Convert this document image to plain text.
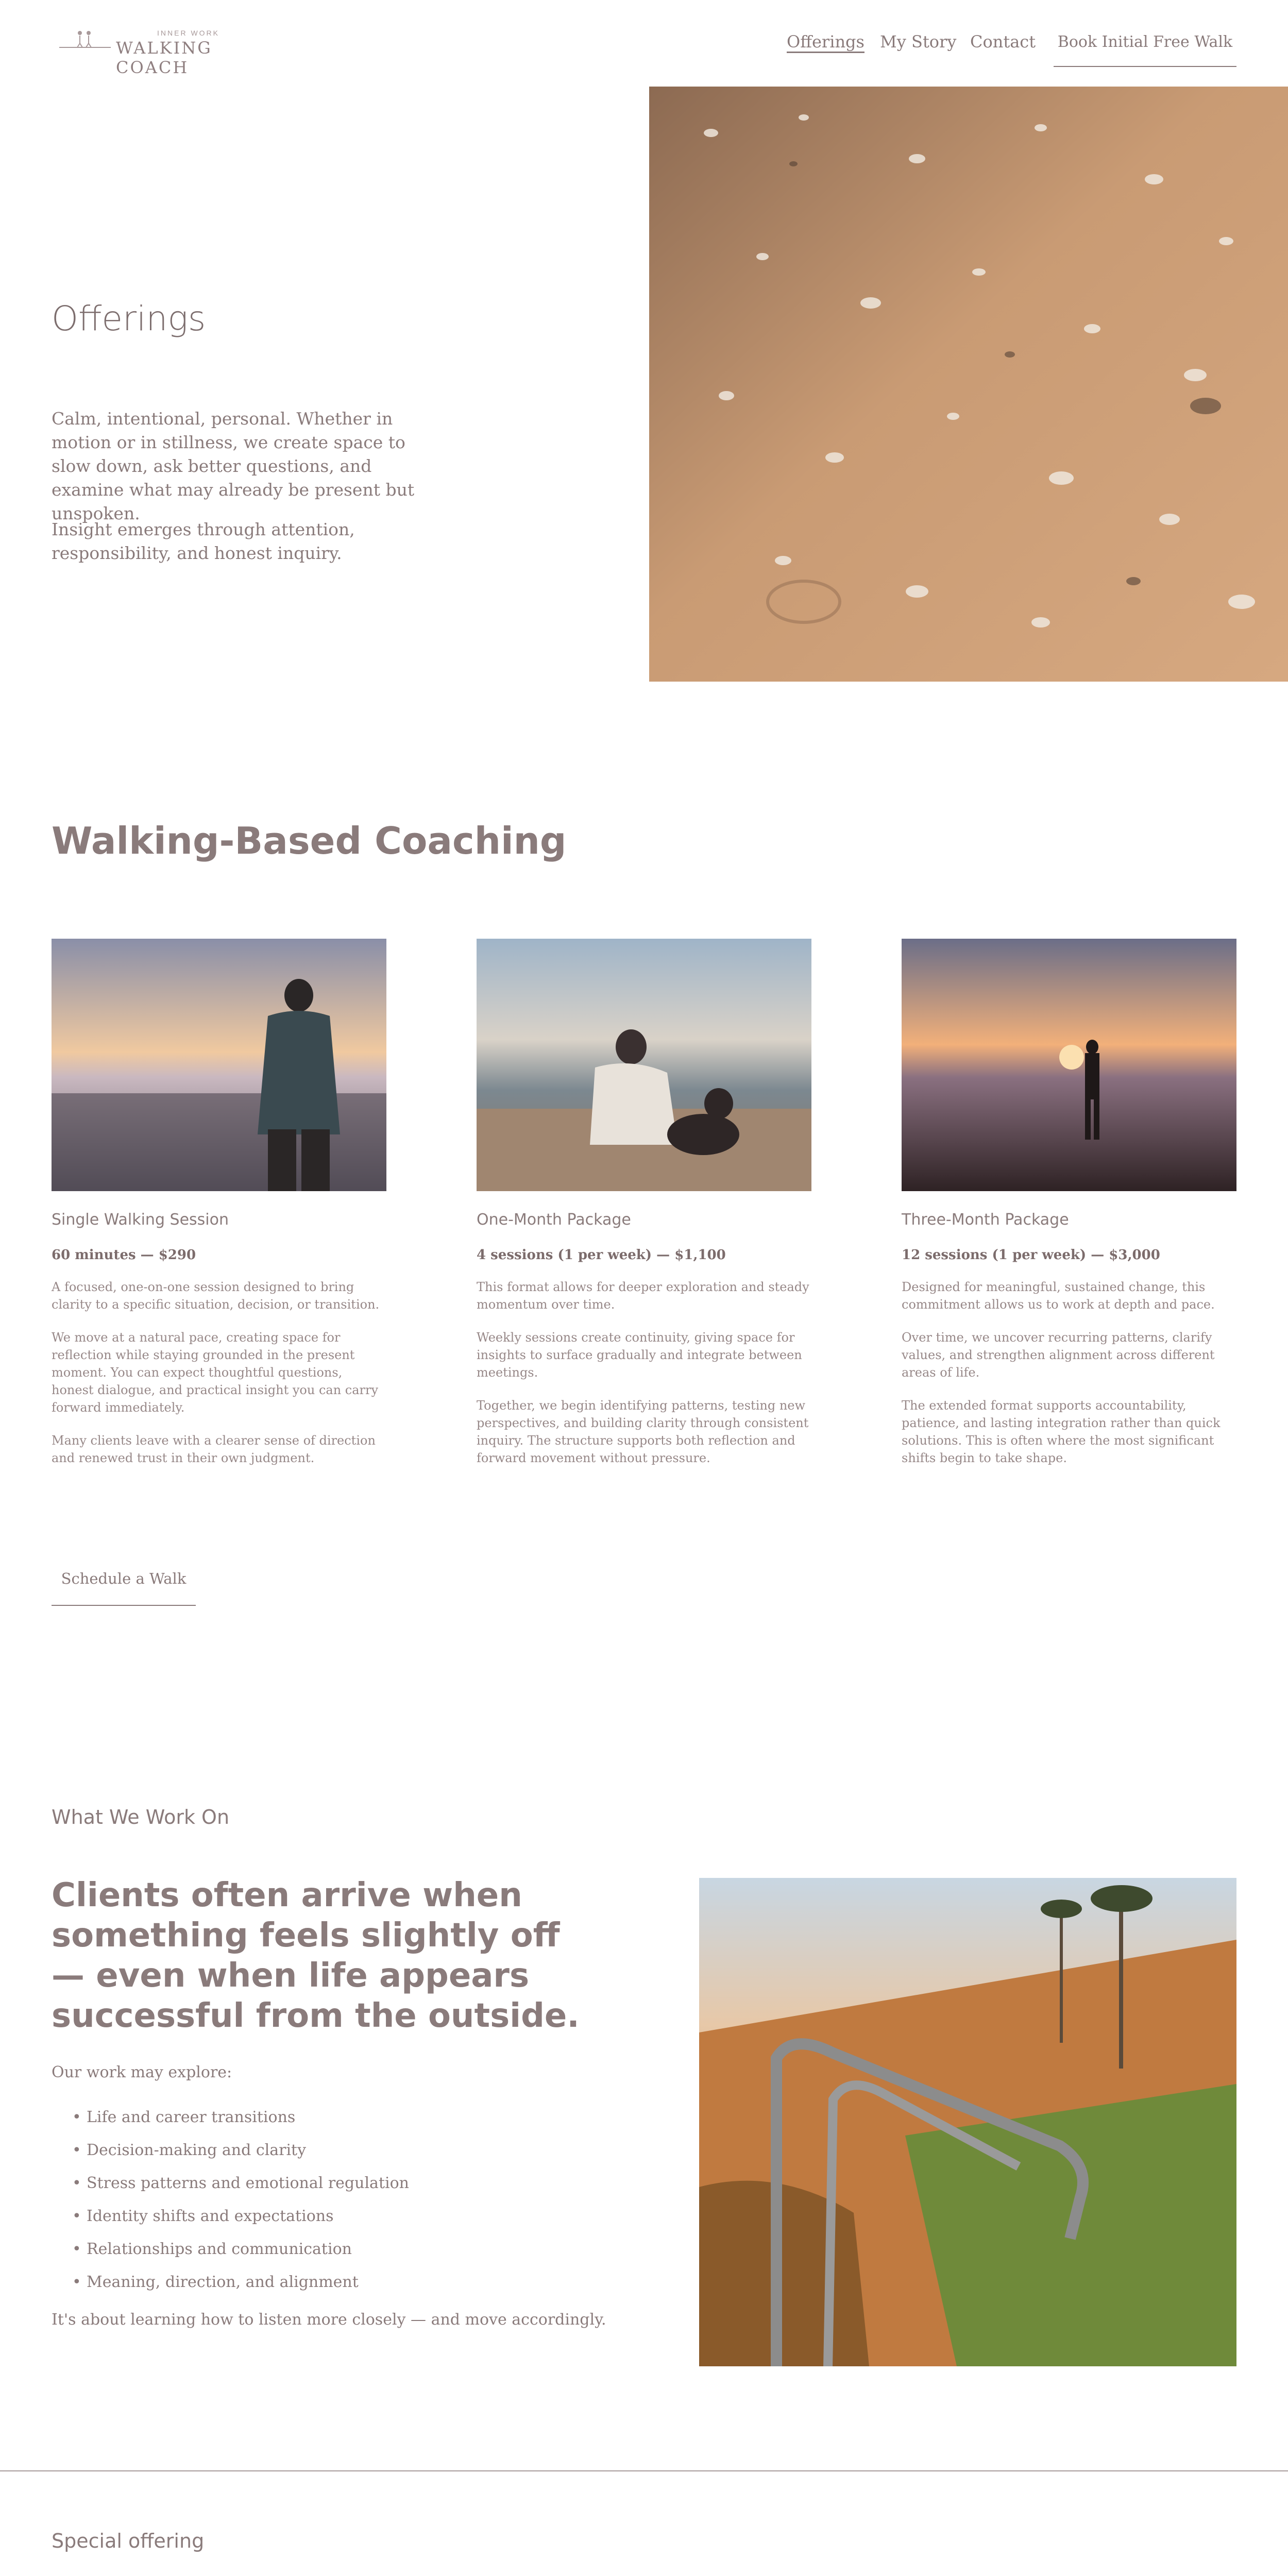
INNER WORK
WALKING COACH
Offerings My Story Contact Book Initial Free Walk
Offerings

Calm, intentional, personal. Whether in motion or in stillness, we create space to slow down, ask better questions, and examine what may already be present but unspoken.

Insight emerges through attention, responsibility, and honest inquiry.

Walking-Based Coaching
Single Walking Session
60 minutes — $290

A focused, one-on-one session designed to bring clarity to a specific situation, decision, or transition.

We move at a natural pace, creating space for reflection while staying grounded in the present moment. You can expect thoughtful questions, honest dialogue, and practical insight you can carry forward immediately.

Many clients leave with a clearer sense of direction and renewed trust in their own judgment.

One-Month Package
4 sessions (1 per week) — $1,100

This format allows for deeper exploration and steady momentum over time.

Weekly sessions create continuity, giving space for insights to surface gradually and integrate between meetings.

Together, we begin identifying patterns, testing new perspectives, and building clarity through consistent inquiry. The structure supports both reflection and forward movement without pressure.

Three-Month Package
12 sessions (1 per week) — $3,000

Designed for meaningful, sustained change, this commitment allows us to work at depth and pace.

Over time, we uncover recurring patterns, clarify values, and strengthen alignment across different areas of life.

The extended format supports accountability, patience, and lasting integration rather than quick solutions. This is often where the most significant shifts begin to take shape.

Schedule a Walk
What We Work On
Clients often arrive when something feels slightly off — even when life appears successful from the outside.

Our work may explore:

• Life and career transitions
• Decision-making and clarity
• Stress patterns and emotional regulation
• Identity shifts and expectations
• Relationships and communication
• Meaning, direction, and alignment

It's about learning how to listen more closely — and move accordingly.

Special offering
